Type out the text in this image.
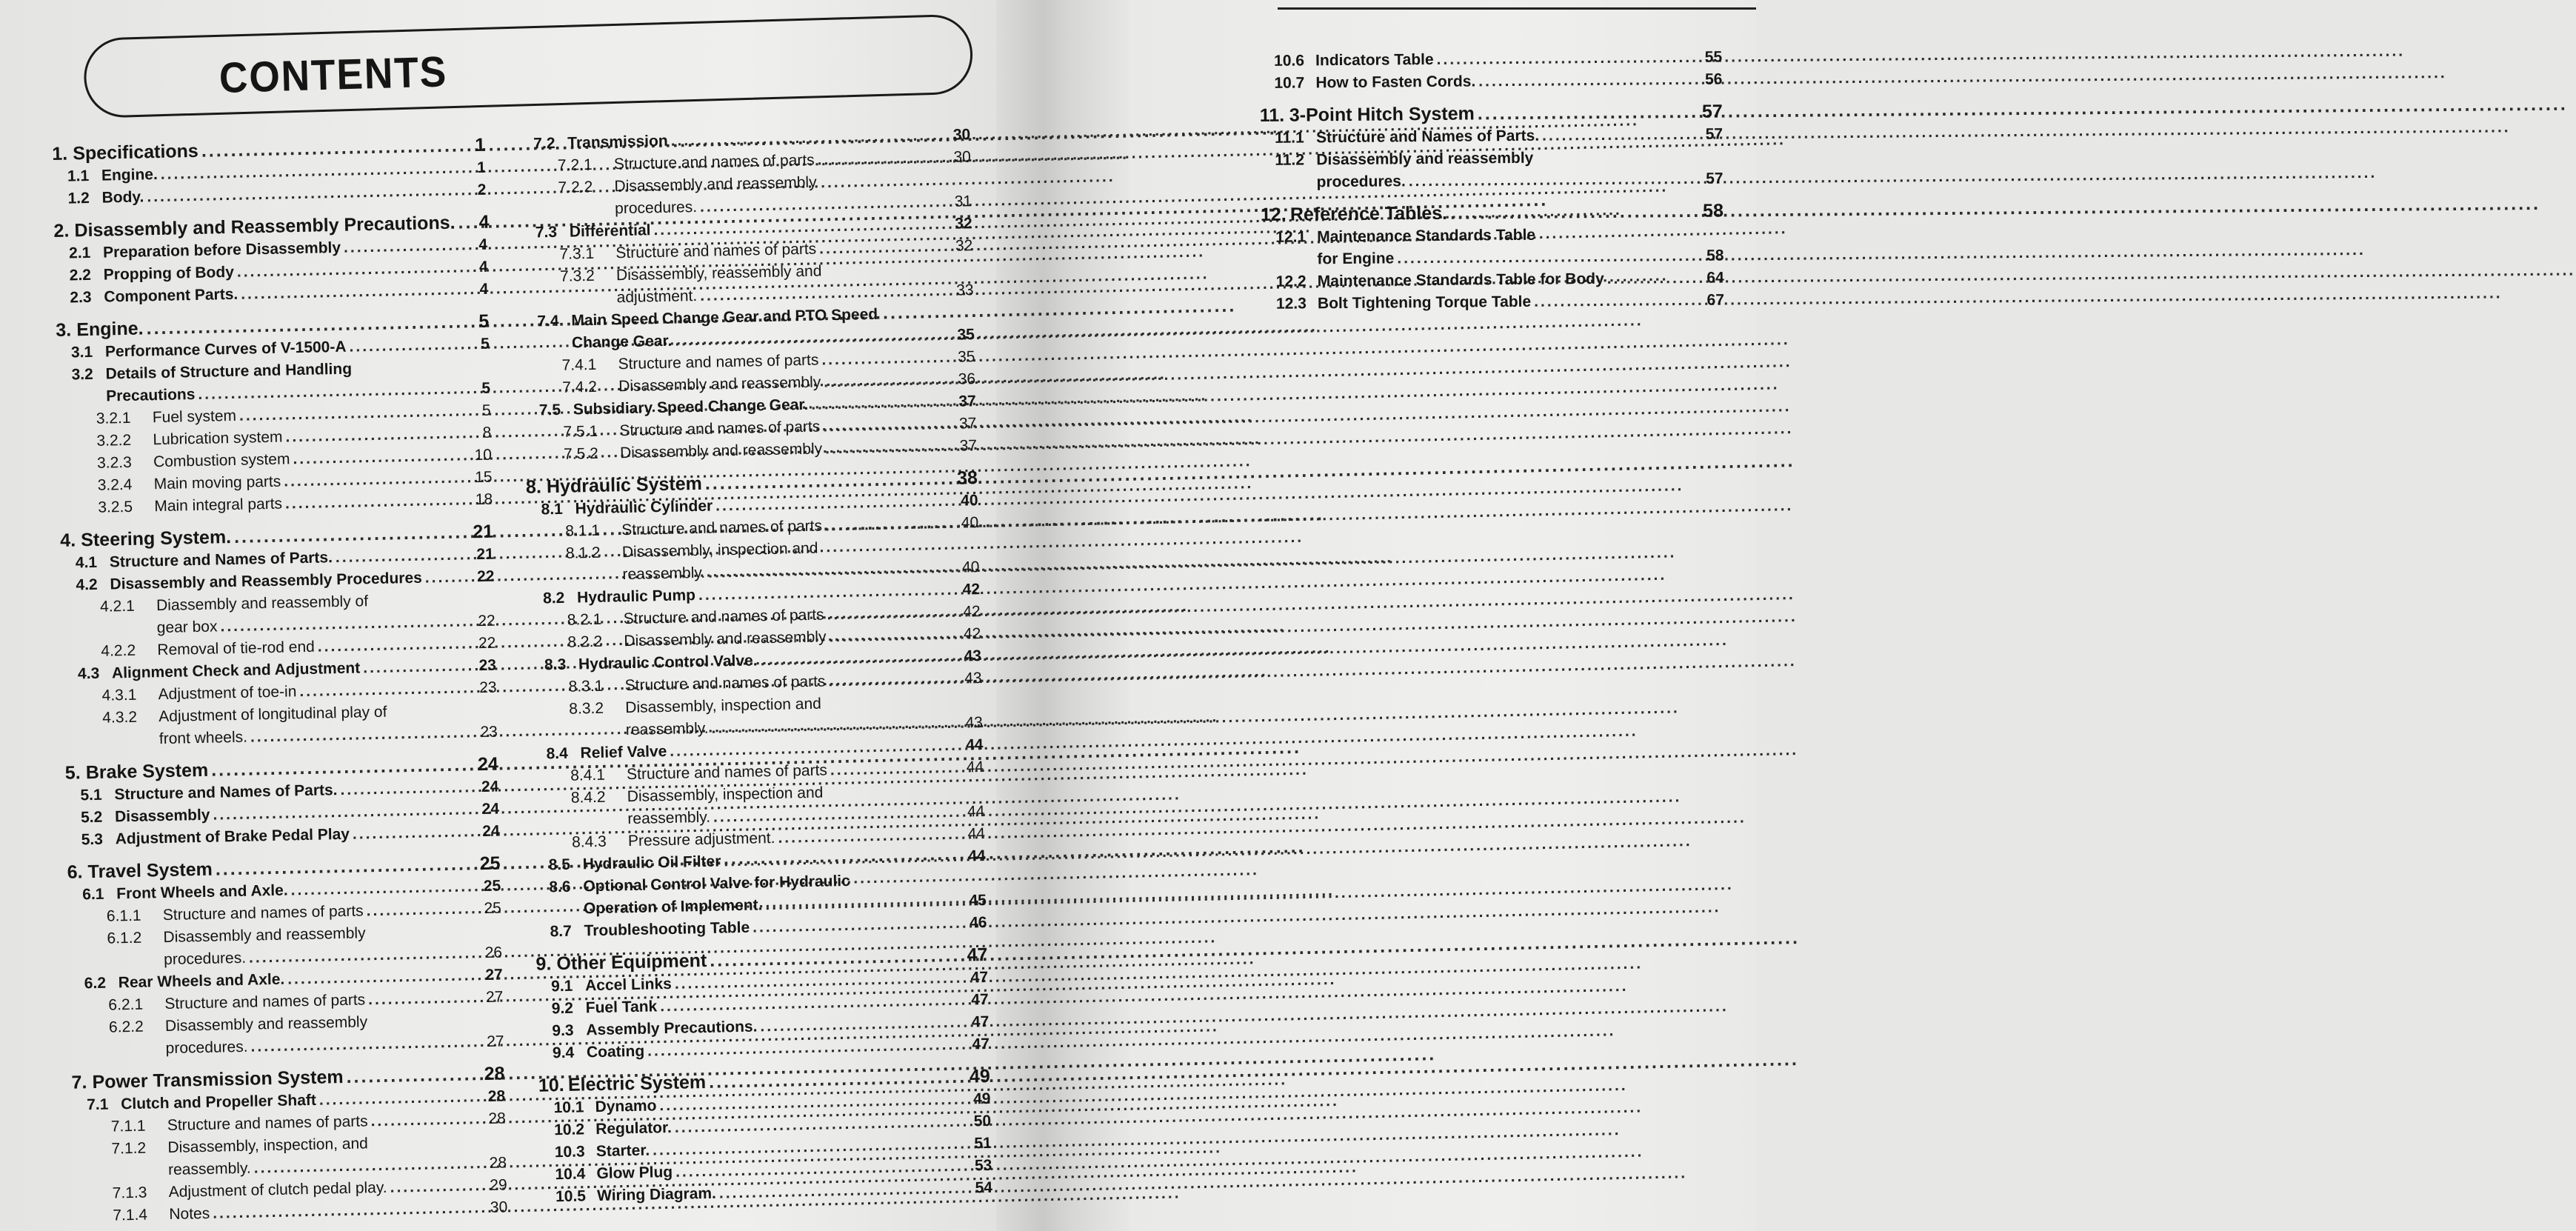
CONTENTS
1. Specifications .....	1
1.1 Engine. .....	1
1.2 Body. .....	2
2. Disassembly and Reassembly Precautions. .....	4
2.1 Preparation before Disassembly .....	4
2.2 Propping of Body .....	4
2.3 Component Parts. .....	4
3. Engine. .....	5
3.1 Performance Curves of V-1500-A .....	5
3.2 Details of Structure and Handling
Precautions .....	5
3.2.1	Fuel system .....	5
3.2.2	Lubrication system .....	8
3.2.3	Combustion system .....	10
3.2.4	Main moving parts .....	15
3.2.5	Main integral parts .....	18
4. Steering System. .....	21
4.1 Structure and Names of Parts. .....	21
4.2 Disassembly and Reassembly Procedures .....	22
4.2.1	Diassembly and reassembly of
gear box .....	22
4.2.2	Removal of tie-rod end .....	22
4.3 Alignment Check and Adjustment .....	23
4.3.1	Adjustment of toe-in .....	23
4.3.2	Adjustment of longitudinal play of
front wheels. .....	23
5. Brake System .....	24
5.1 Structure and Names of Parts. .....	24
5.2 Disassembly .....	24
5.3 Adjustment of Brake Pedal Play .....	24
6. Travel System .....	25
6.1 Front Wheels and Axle. .....	25
6.1.1	Structure and names of parts .....	25
6.1.2	Disassembly and reassembly
procedures. .....	26
6.2 Rear Wheels and Axle. .....	27
6.2.1	Structure and names of parts .....	27
6.2.2	Disassembly and reassembly
procedures. .....	27
7. Power Transmission System .....	28
7.1 Clutch and Propeller Shaft .....	28
7.1.1	Structure and names of parts .....	28
7.1.2	Disassembly, inspection, and
reassembly. .....	28
7.1.3	Adjustment of clutch pedal play. .....	29
7.1.4	Notes .....	30
7.2 Transmission .....	30
7.2.1	Structure and names of parts .....	30
7.2.2	Disassembly and reassembly
procedures. .....	31
7.3 Differential .....	32
7.3.1	Structure and names of parts .....	32
7.3.2	Disassembly, reassembly and
adjustment. .....	33
7.4 Main Speed Change Gear and PTO Speed
Change Gear. .....	35
7.4.1	Structure and names of parts .....	35
7.4.2	Disassembly and reassembly .....	36
7.5 Subsidiary Speed Change Gear. .....	37
7.5.1	Structure and names of parts .....	37
7.5.2	Disassembly and reassembly .....	37
8. Hydraulic System .....	38
8.1 Hydraulic Cylinder .....	40
8.1.1	Structure and names of parts .....	40
8.1.2	Disassembly, inspection and
reassembly. .....	40
8.2 Hydraulic Pump .....	42
8.2.1	Structure and names of parts .....	42
8.2.2	Disassembly and reassembly .....	42
8.3 Hydraulic Control Valve. .....	43
8.3.1	Structure and names of parts .....	43
8.3.2	Disassembly, inspection and
reassembly. .....	43
8.4 Relief Valve .....	44
8.4.1	Structure and names of parts .....	44
8.4.2	Disassembly, inspection and
reassembly. .....	44
8.4.3	Pressure adjustment. .....	44
8.5 Hydraulic Oil Filter .....	44
8.6 Optional Control Valve for Hydraulic
Operation of Implement. .....	45
8.7 Troubleshooting Table .....	46
9. Other Equipment .....	47
9.1 Accel Links .....	47
9.2 Fuel Tank .....	47
9.3 Assembly Precautions. .....	47
9.4 Coating .....	47
10. Electric System .....	49
10.1 Dynamo .....	49
10.2 Regulator. .....	50
10.3 Starter. .....	51
10.4 Glow Plug .....	53
10.5 Wiring Diagram. .....	54
10.6 Indicators Table .....	55
10.7 How to Fasten Cords. .....	56
11. 3-Point Hitch System .....	57
11.1 Structure and Names of Parts. .....	57
11.2 Disassembly and reassembly
procedures. .....	57
12. Reference Tables. .....	58
12.1 Maintenance Standards Table
for Engine .....	58
12.2 Maintenance Standards Table for Body .....	64
12.3 Bolt Tightening Torque Table .....	67
